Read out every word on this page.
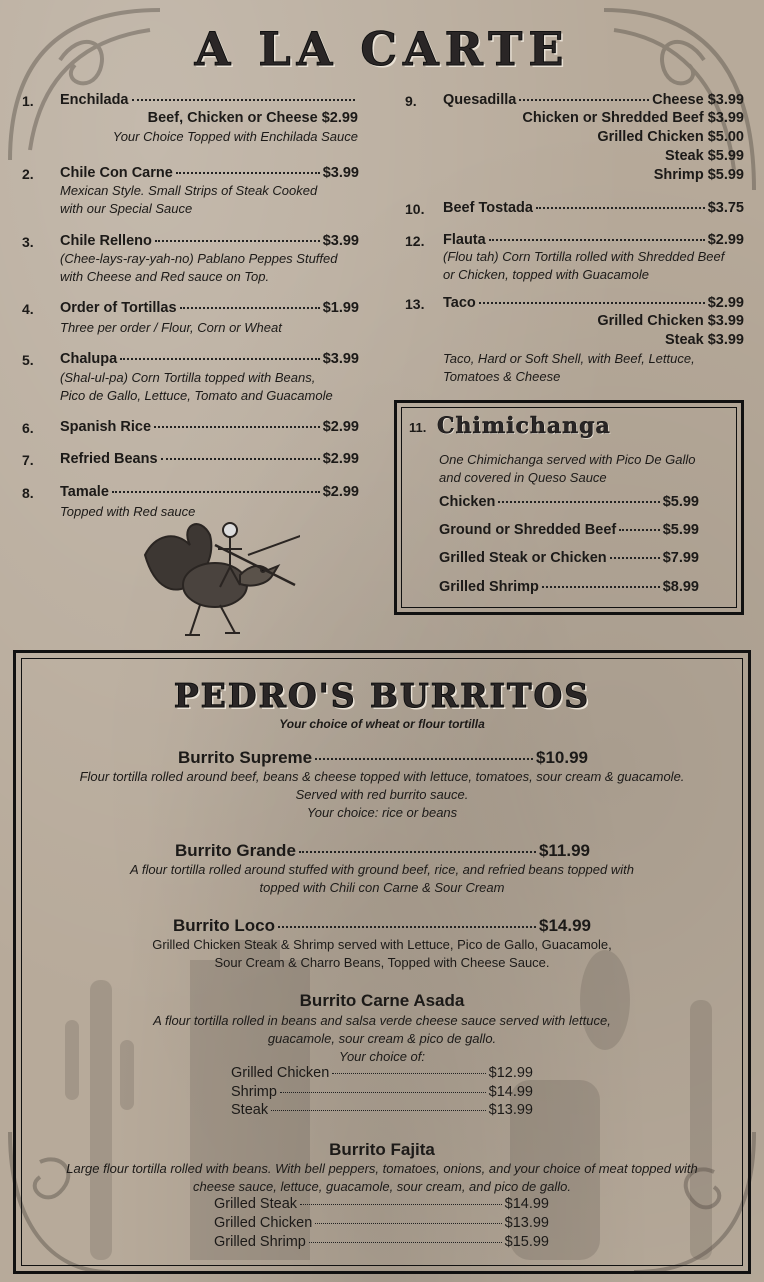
A LA CARTE
1. Enchilada
Beef, Chicken or Cheese $2.99
Your Choice Topped with Enchilada Sauce
2. Chile Con Carne	$3.99
Mexican Style. Small Strips of Steak Cooked
with our Special Sauce
3. Chile Relleno	$3.99
(Chee-lays-ray-yah-no) Pablano Peppes Stuffed
with Cheese and Red sauce on Top.
4. Order of Tortillas	$1.99
Three per order / Flour, Corn or Wheat
5. Chalupa	$3.99
(Shal-ul-pa) Corn Tortilla topped with Beans,
Pico de Gallo, Lettuce, Tomato and Guacamole
6. Spanish Rice	$2.99
7. Refried Beans	$2.99
8. Tamale	$2.99
Topped with Red sauce
9. Quesadilla	Cheese $3.99
Chicken or Shredded Beef $3.99
Grilled Chicken $5.00
Steak $5.99
Shrimp $5.99
10. Beef Tostada	$3.75
12. Flauta	$2.99
(Flou tah) Corn Tortilla rolled with Shredded Beef
or Chicken, topped with Guacamole
13. Taco	$2.99
Grilled Chicken $3.99
Steak $3.99
Taco, Hard or Soft Shell, with Beef, Lettuce,
Tomatoes & Cheese
11. Chimichanga
One Chimichanga served with Pico De Gallo
and covered in Queso Sauce
Chicken	$5.99
Ground or Shredded Beef	$5.99
Grilled Steak or Chicken	$7.99
Grilled Shrimp	$8.99
PEDRO'S BURRITOS
Your choice of wheat or flour tortilla
Burrito Supreme	$10.99
Flour tortilla rolled around beef, beans & cheese topped with lettuce, tomatoes, sour cream & guacamole.
Served with red burrito sauce.
Your choice: rice or beans
Burrito Grande	$11.99
A flour tortilla rolled around stuffed with ground beef, rice, and refried beans topped with
topped with Chili con Carne & Sour Cream
Burrito Loco	$14.99
Grilled Chicken Steak & Shrimp served with Lettuce, Pico de Gallo, Guacamole,
Sour Cream & Charro Beans, Topped with Cheese Sauce.
Burrito Carne Asada
A flour tortilla rolled in beans and salsa verde cheese sauce served with lettuce,
guacamole, sour cream & pico de gallo.
Your choice of:
Grilled Chicken	$12.99
Shrimp	$14.99
Steak	$13.99
Burrito Fajita
Large flour tortilla rolled with beans. With bell peppers, tomatoes, onions, and your choice of meat topped with
cheese sauce, lettuce, guacamole, sour cream, and pico de gallo.
Grilled Steak	$14.99
Grilled Chicken	$13.99
Grilled Shrimp	$15.99
